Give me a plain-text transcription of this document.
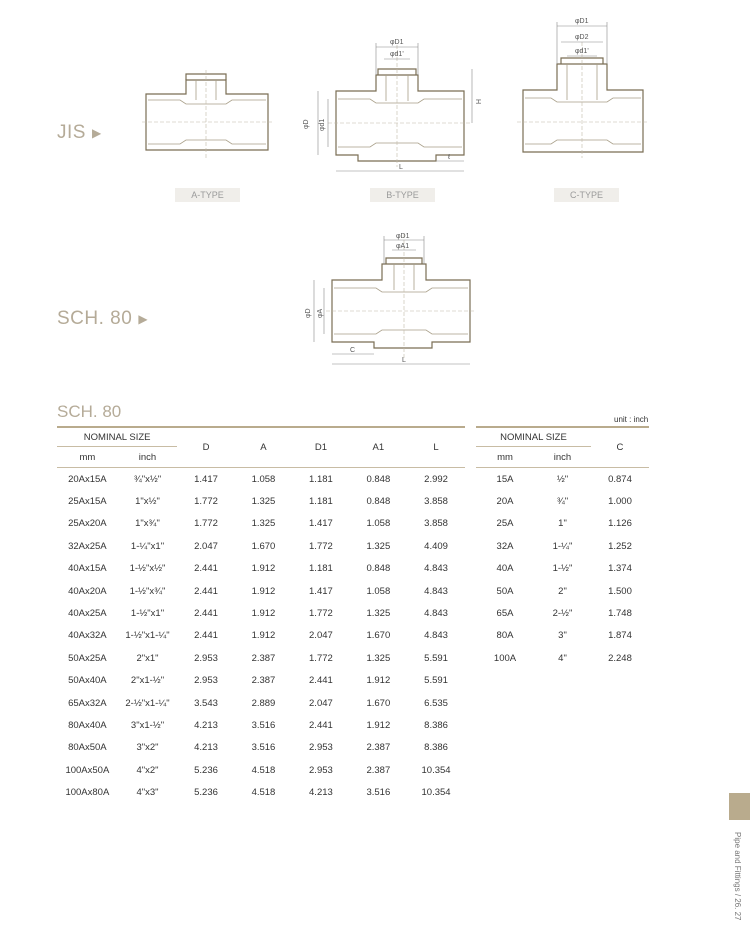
JIS ▶
SCH. 80 ▶
φD1
φd1'
φD φd1
H
L
ℓ
φD1
φD2
φd1'
A-TYPE	B-TYPE	C-TYPE
φD1
φA1
φD φA
C
L
SCH. 80	unit : inch
NOMINAL SIZE		D	A	D1	A1	L
mm	inch					
20Ax15A	¾"x½"	1.417	1.058	1.181	0.848	2.992
25Ax15A	1"x½"	1.772	1.325	1.181	0.848	3.858
25Ax20A	1"x¾"	1.772	1.325	1.417	1.058	3.858
32Ax25A	1-¼"x1"	2.047	1.670	1.772	1.325	4.409
40Ax15A	1-½"x½"	2.441	1.912	1.181	0.848	4.843
40Ax20A	1-½"x¾"	2.441	1.912	1.417	1.058	4.843
40Ax25A	1-½"x1"	2.441	1.912	1.772	1.325	4.843
40Ax32A	1-½"x1-¼"	2.441	1.912	2.047	1.670	4.843
50Ax25A	2"x1"	2.953	2.387	1.772	1.325	5.591
50Ax40A	2"x1-½"	2.953	2.387	2.441	1.912	5.591
65Ax32A	2-½"x1-¼"	3.543	2.889	2.047	1.670	6.535
80Ax40A	3"x1-½"	4.213	3.516	2.441	1.912	8.386
80Ax50A	3"x2"	4.213	3.516	2.953	2.387	8.386
100Ax50A	4"x2"	5.236	4.518	2.953	2.387	10.354
100Ax80A	4"x3"	5.236	4.518	4.213	3.516	10.354
NOMINAL SIZE		C
mm	inch	
15A	½"	0.874
20A	¾"	1.000
25A	1"	1.126
32A	1-¼"	1.252
40A	1-½"	1.374
50A	2"	1.500
65A	2-½"	1.748
80A	3"	1.874
100A	4"	2.248
Pipe and Fittings / 26. 27
